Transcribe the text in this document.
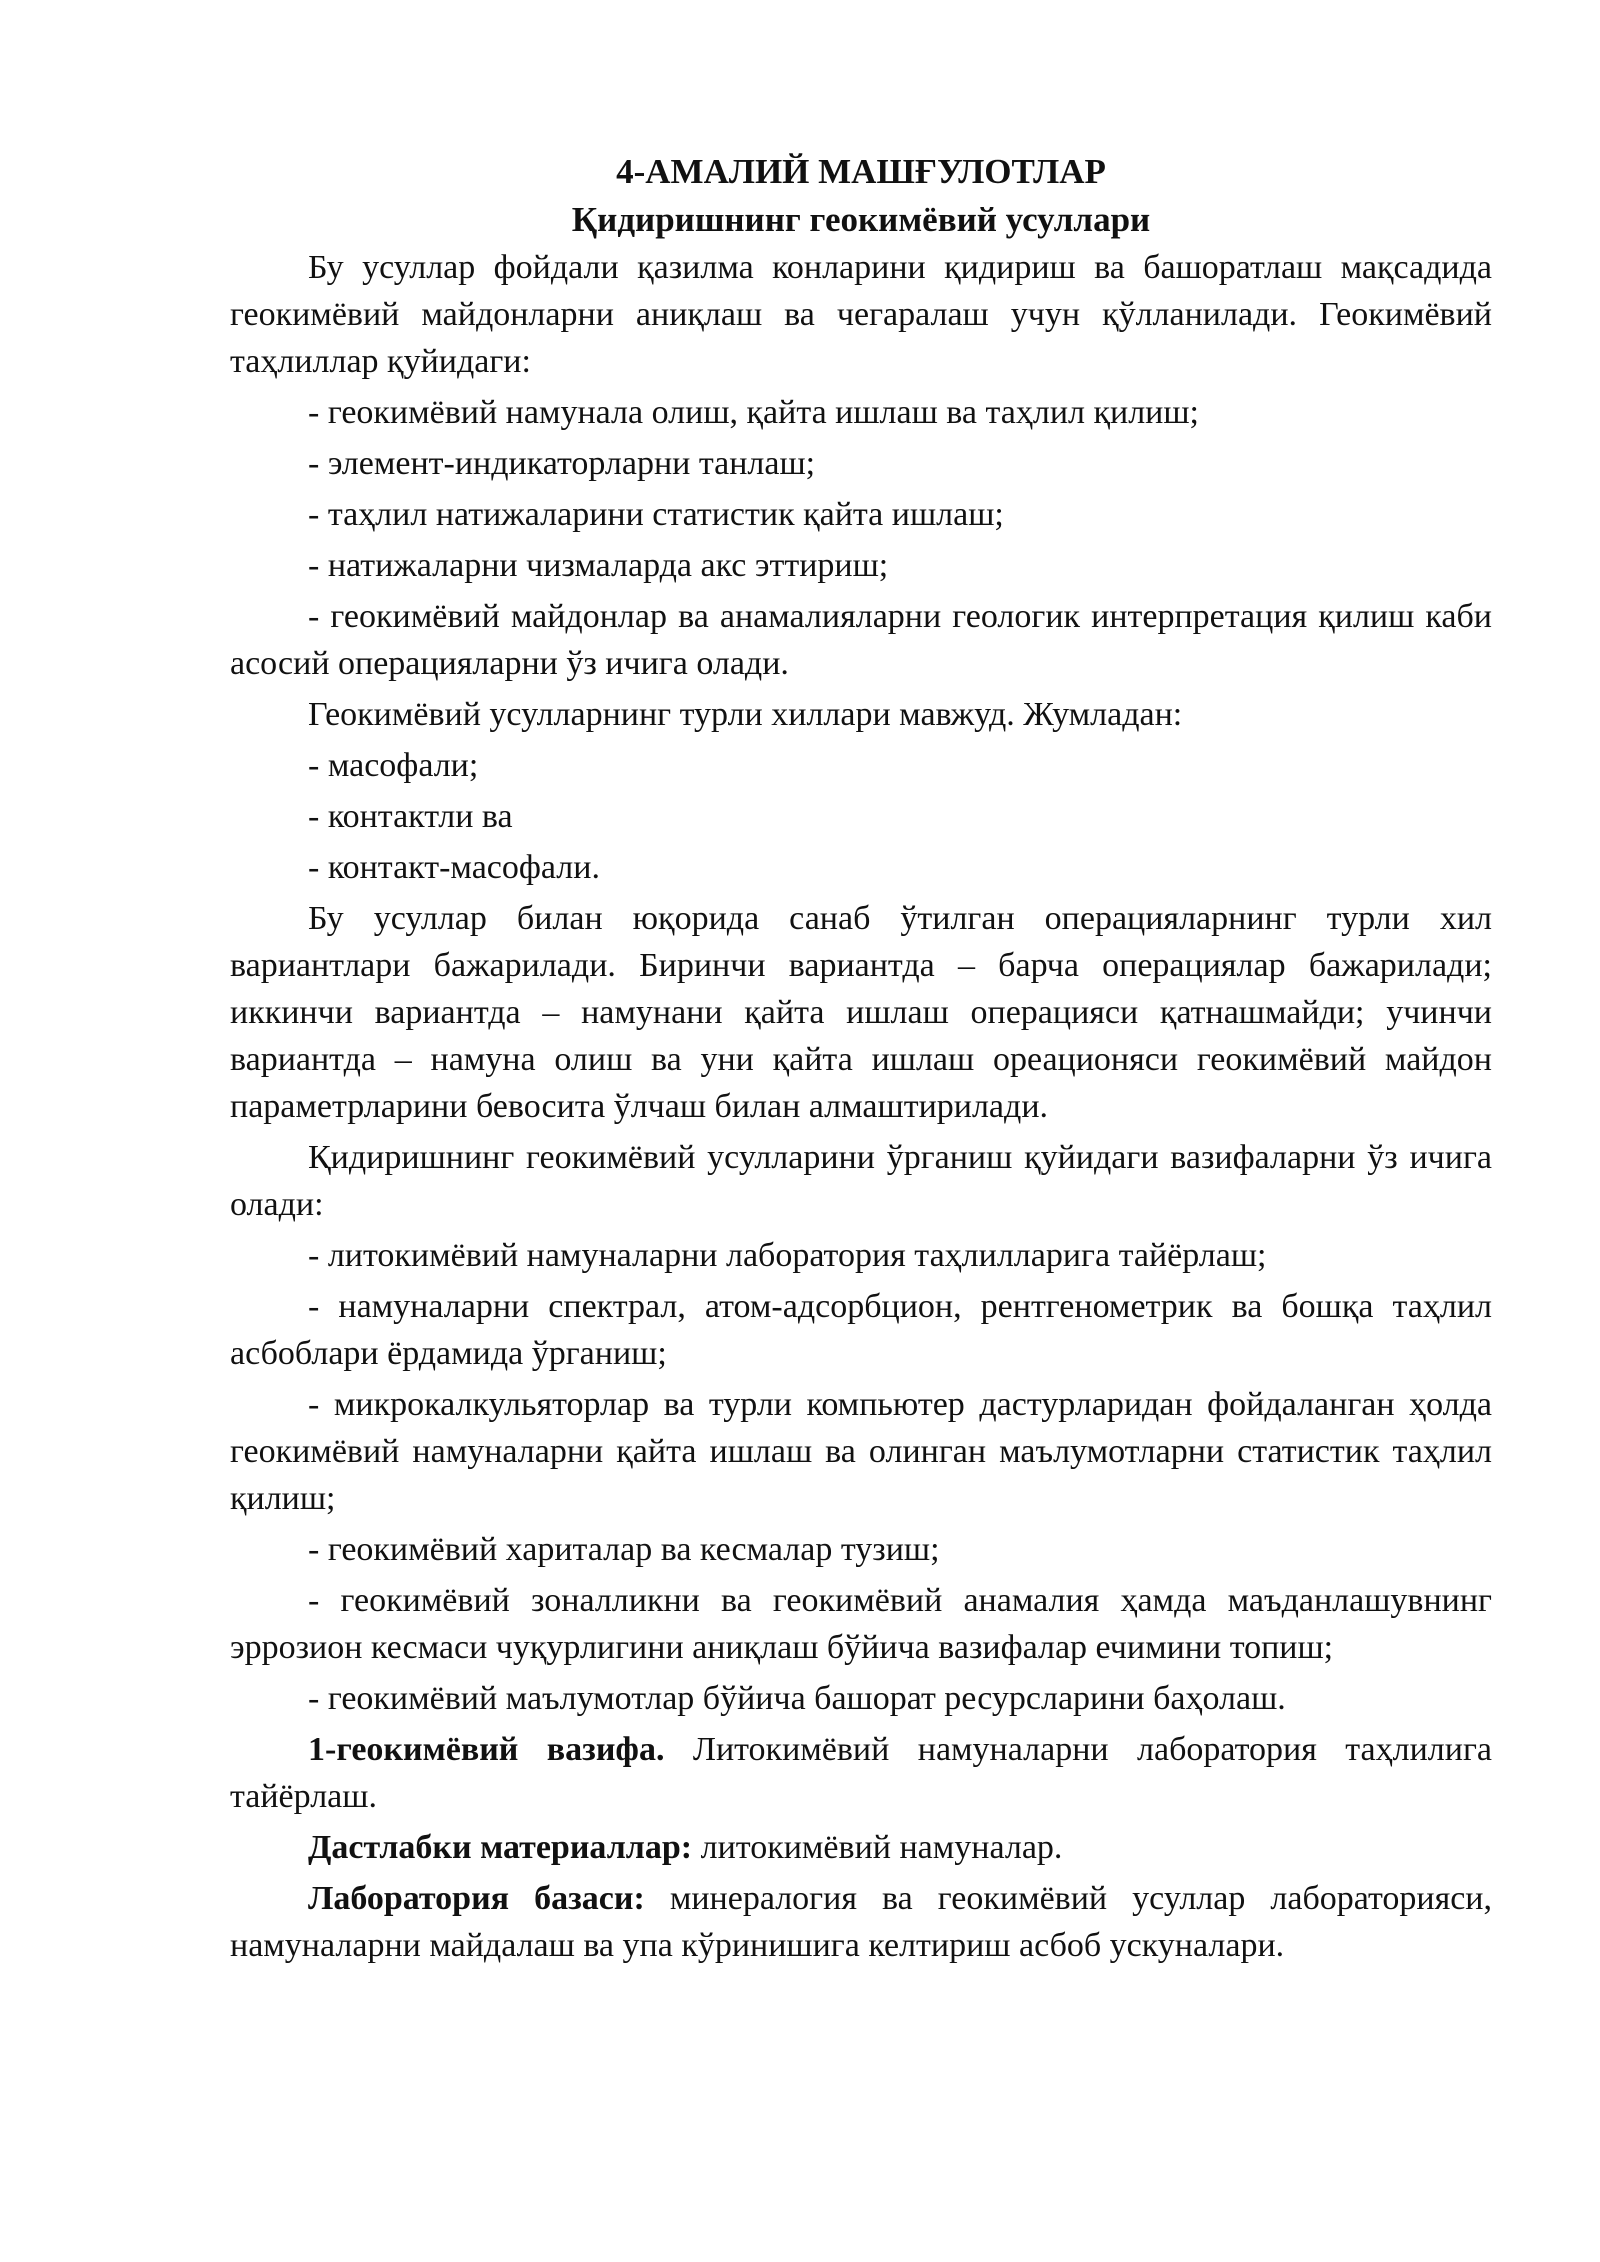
4-АМАЛИЙ МАШҒУЛОТЛАР
Қидиришнинг геокимёвий усуллари

Бу усуллар фойдали қазилма конларини қидириш ва башоратлаш мақсадида геокимёвий майдонларни аниқлаш ва чегаралаш учун қўлланилади. Геокимёвий таҳлиллар қуйидаги:

- геокимёвий намунала олиш, қайта ишлаш ва таҳлил қилиш;

- элемент-индикаторларни танлаш;

- таҳлил натижаларини статистик қайта ишлаш;

- натижаларни чизмаларда акс эттириш;

- геокимёвий майдонлар ва анамалияларни геологик интерпретация қилиш каби асосий операцияларни ўз ичига олади.

Геокимёвий усулларнинг турли хиллари мавжуд. Жумладан:

- масофали;

- контактли ва

- контакт-масофали.

Бу усуллар билан юқорида санаб ўтилган операцияларнинг турли хил вариантлари бажарилади. Биринчи вариантда – барча операциялар бажарилади; иккинчи вариантда – намунани қайта ишлаш операцияси қатнашмайди; учинчи вариантда – намуна олиш ва уни қайта ишлаш ореационяси геокимёвий майдон параметрларини бевосита ўлчаш билан алмаштирилади.

Қидиришнинг геокимёвий усулларини ўрганиш қуйидаги вазифаларни ўз ичига олади:

- литокимёвий намуналарни лаборатория таҳлилларига тайёрлаш;

- намуналарни спектрал, атом-адсорбцион, рентгенометрик ва бошқа таҳлил асбоблари ёрдамида ўрганиш;

- микрокалкульяторлар ва турли компьютер дастурларидан фойдаланган ҳолда геокимёвий намуналарни қайта ишлаш ва олинган маълумотларни статистик таҳлил қилиш;

- геокимёвий хариталар ва кесмалар тузиш;

- геокимёвий зоналликни ва геокимёвий анамалия ҳамда маъданлашувнинг эррозион кесмаси чуқурлигини аниқлаш бўйича вазифалар ечимини топиш;

- геокимёвий маълумотлар бўйича башорат ресурсларини баҳолаш.

1-геокимёвий вазифа. Литокимёвий намуналарни лаборатория таҳлилига тайёрлаш.

Дастлабки материаллар: литокимёвий намуналар.

Лаборатория базаси: минералогия ва геокимёвий усуллар лабораторияси, намуналарни майдалаш ва упа кўринишига келтириш асбоб ускуналари.
